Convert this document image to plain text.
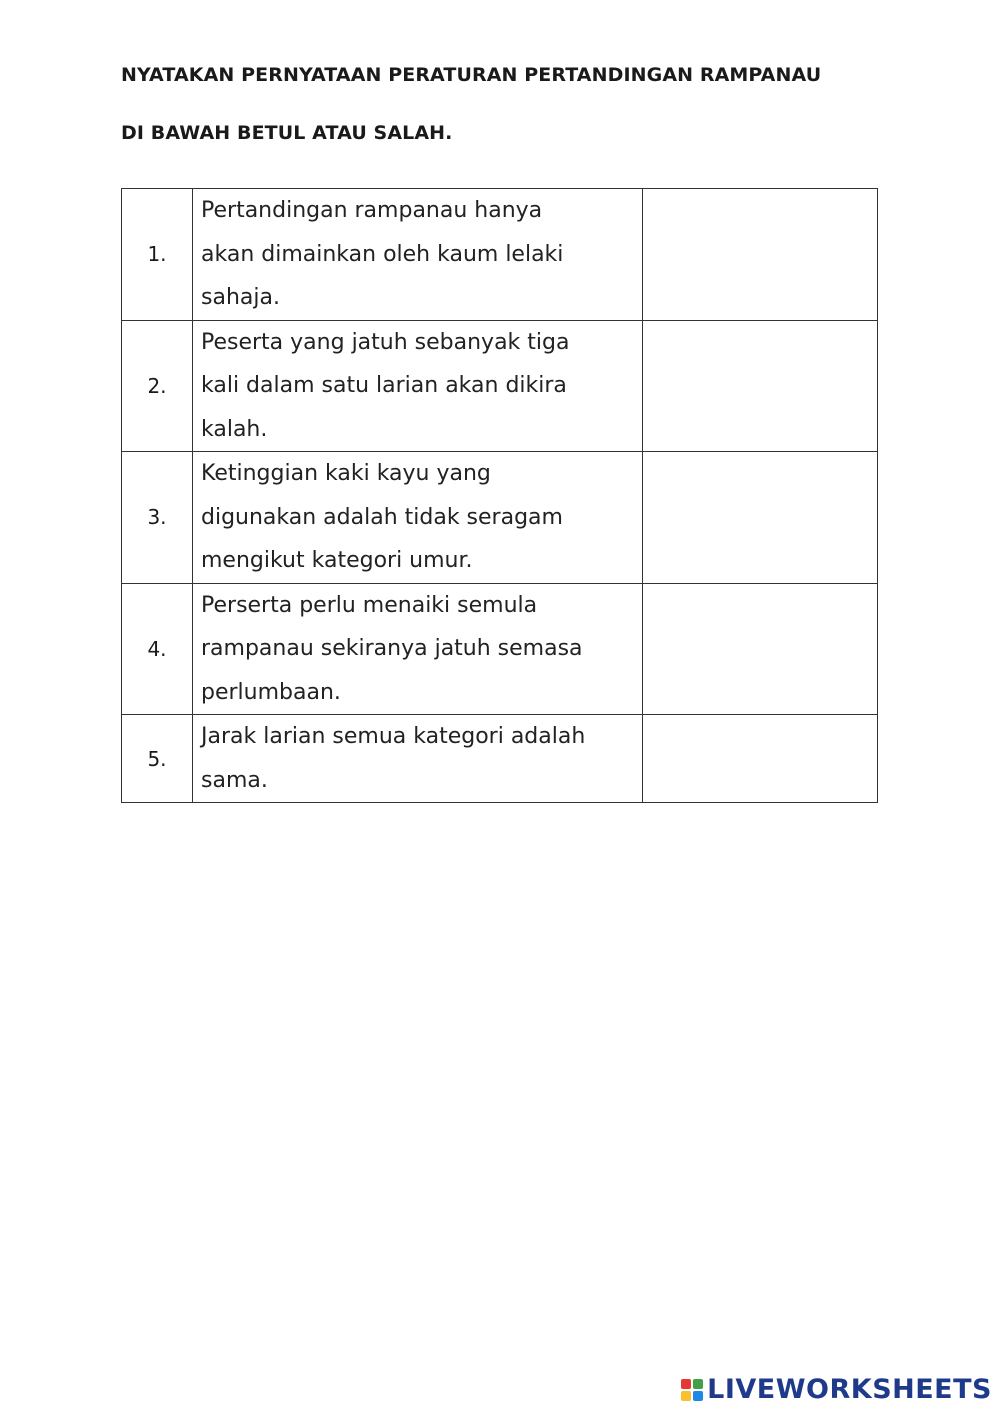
NYATAKAN PERNYATAAN PERATURAN PERTANDINGAN RAMPANAU
DI BAWAH BETUL ATAU SALAH.
1.	Pertandingan rampanau hanya
akan dimainkan oleh kaum lelaki
sahaja.	

2.	Peserta yang jatuh sebanyak tiga
kali dalam satu larian akan dikira
kalah.	

3.	Ketinggian kaki kayu yang
digunakan adalah tidak seragam
mengikut kategori umur.	

4.	Perserta perlu menaiki semula
rampanau sekiranya jatuh semasa
perlumbaan.	

5.	Jarak larian semua kategori adalah
sama.	

LIVEWORKSHEETS
